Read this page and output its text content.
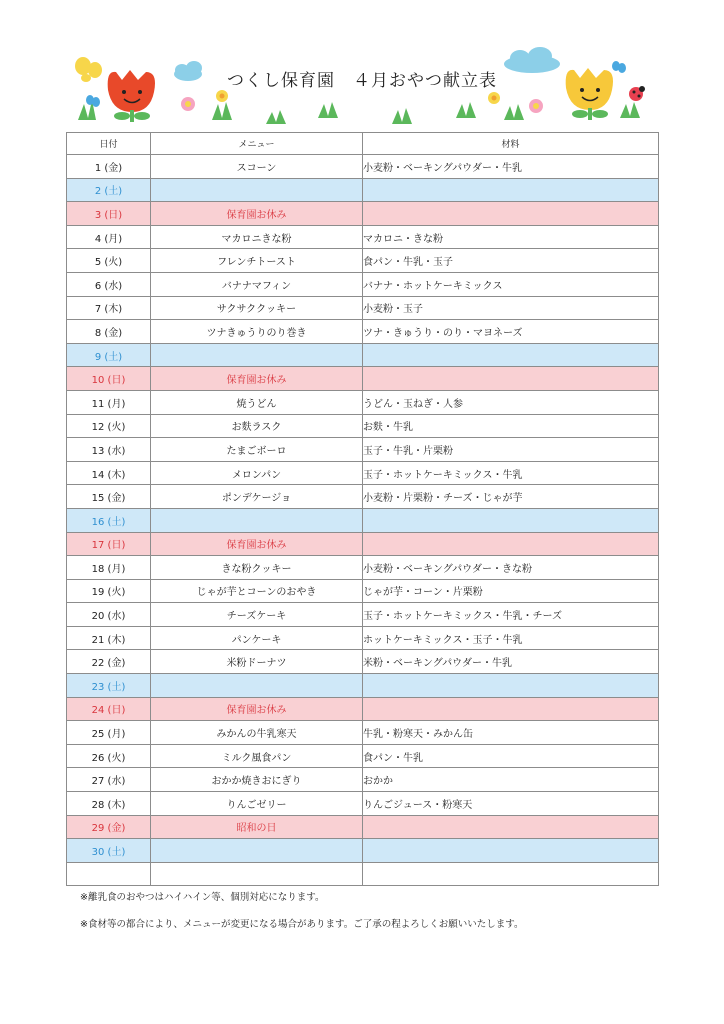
つくし保育園　４月おやつ献立表
日付	メニュー	材料
1 (金)	スコーン	小麦粉・ベーキングパウダー・牛乳
2 (土)		
3 (日)	保育園お休み	
4 (月)	マカロニきな粉	マカロニ・きな粉
5 (火)	フレンチトースト	食パン・牛乳・玉子
6 (水)	バナナマフィン	バナナ・ホットケーキミックス
7 (木)	サクサククッキー	小麦粉・玉子
8 (金)	ツナきゅうりのり巻き	ツナ・きゅうり・のり・マヨネーズ
9 (土)		
10 (日)	保育園お休み	
11 (月)	焼うどん	うどん・玉ねぎ・人参
12 (火)	お麩ラスク	お麩・牛乳
13 (水)	たまごボーロ	玉子・牛乳・片栗粉
14 (木)	メロンパン	玉子・ホットケーキミックス・牛乳
15 (金)	ポンデケージョ	小麦粉・片栗粉・チーズ・じゃが芋
16 (土)		
17 (日)	保育園お休み	
18 (月)	きな粉クッキー	小麦粉・ベーキングパウダー・きな粉
19 (火)	じゃが芋とコーンのおやき	じゃが芋・コーン・片栗粉
20 (水)	チーズケーキ	玉子・ホットケーキミックス・牛乳・チーズ
21 (木)	パンケーキ	ホットケーキミックス・玉子・牛乳
22 (金)	米粉ドーナツ	米粉・ベーキングパウダー・牛乳
23 (土)		
24 (日)	保育園お休み	
25 (月)	みかんの牛乳寒天	牛乳・粉寒天・みかん缶
26 (火)	ミルク風食パン	食パン・牛乳
27 (水)	おかか焼きおにぎり	おかか
28 (木)	りんごゼリー	りんごジュース・粉寒天
29 (金)	昭和の日	
30 (土)		

※離乳食のおやつはハイハイン等、個別対応になります。

※食材等の都合により、メニューが変更になる場合があります。ご了承の程よろしくお願いいたします。
